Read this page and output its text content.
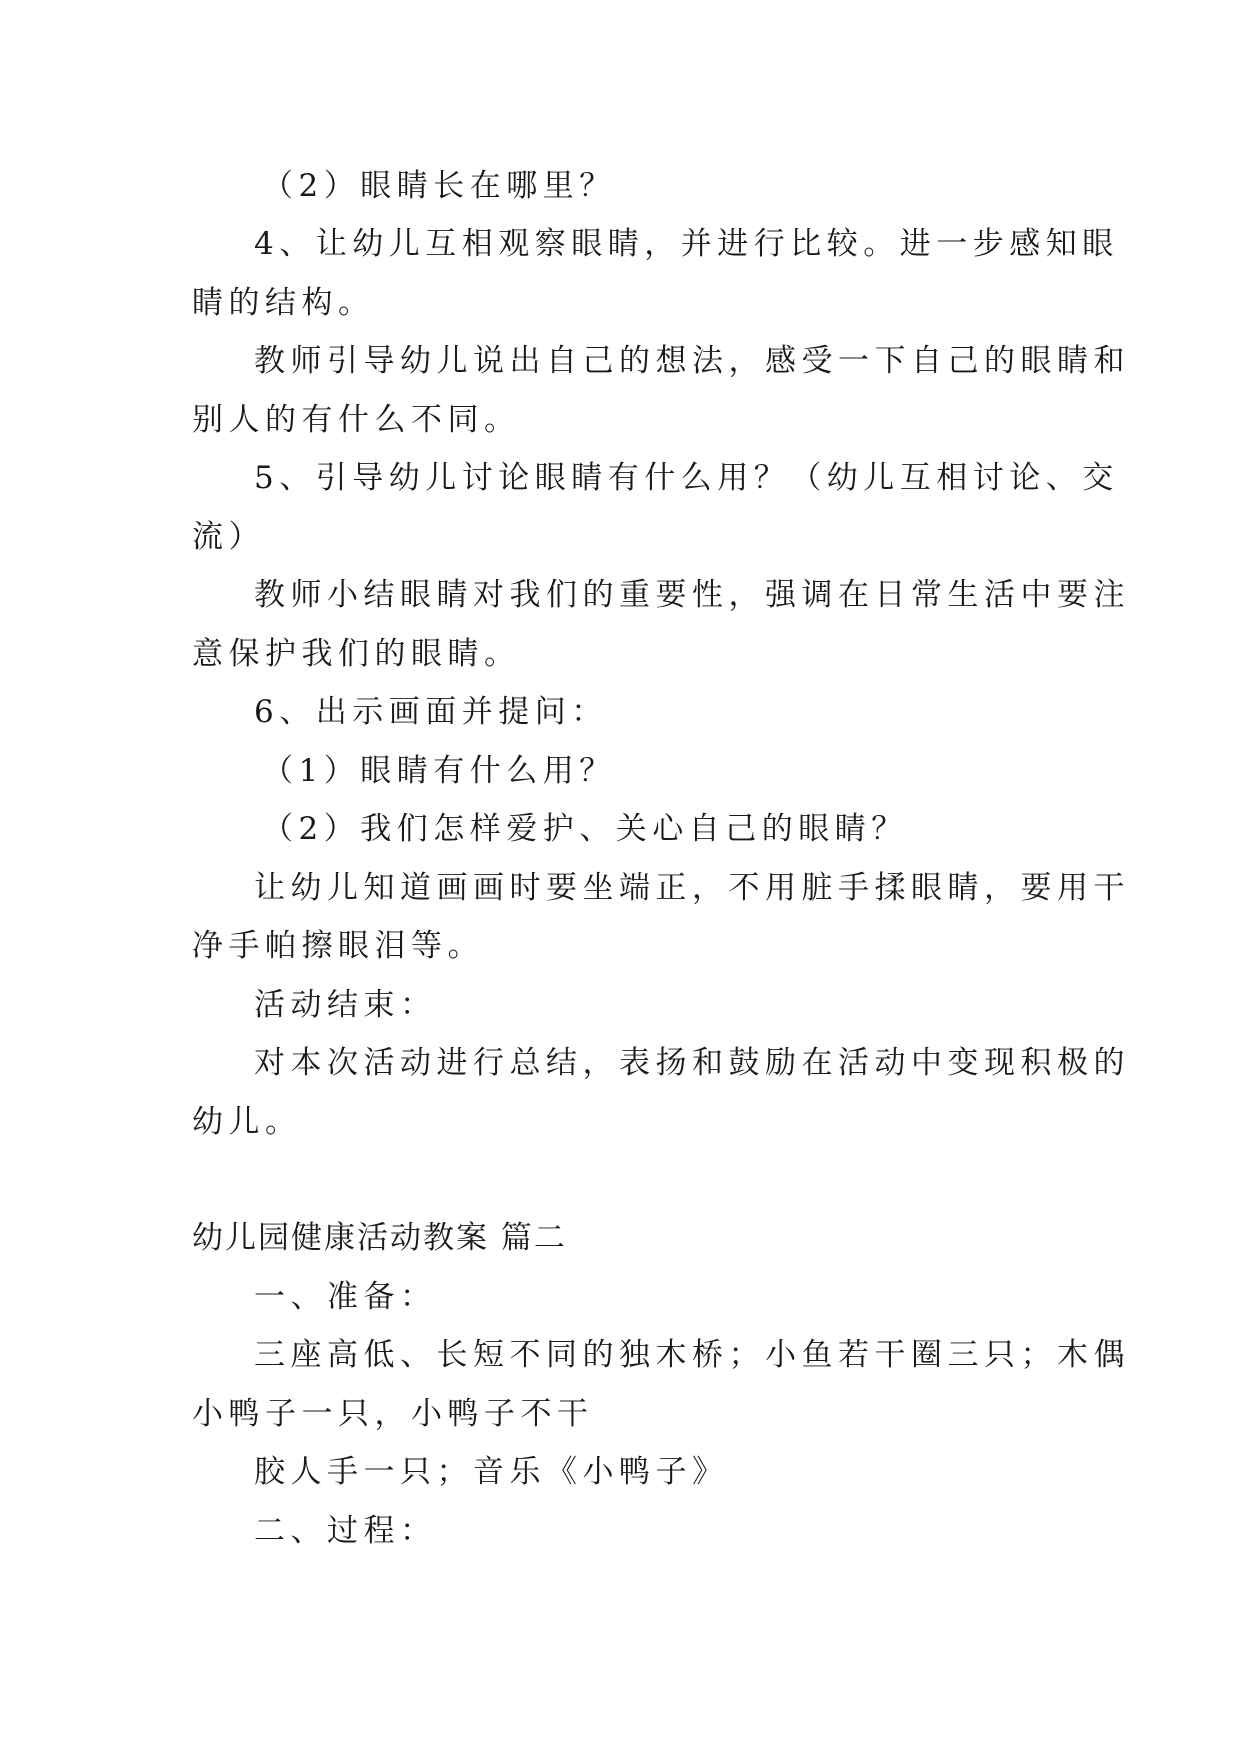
（2）眼睛长在哪里？
4、让幼儿互相观察眼睛，并进行比较。进一步感知眼
睛的结构。
教师引导幼儿说出自己的想法，感受一下自己的眼睛和
别人的有什么不同。
5、引导幼儿讨论眼睛有什么用？（幼儿互相讨论、交
流）
教师小结眼睛对我们的重要性，强调在日常生活中要注
意保护我们的眼睛。
6、出示画面并提问：
（1）眼睛有什么用？
（2）我们怎样爱护、关心自己的眼睛？
让幼儿知道画画时要坐端正，不用脏手揉眼睛，要用干
净手帕擦眼泪等。
活动结束：
对本次活动进行总结，表扬和鼓励在活动中变现积极的
幼儿。
幼儿园健康活动教案 篇二
一、准备：
三座高低、长短不同的独木桥；小鱼若干圈三只；木偶
小鸭子一只，小鸭子不干
胶人手一只；音乐《小鸭子》
二、过程：
